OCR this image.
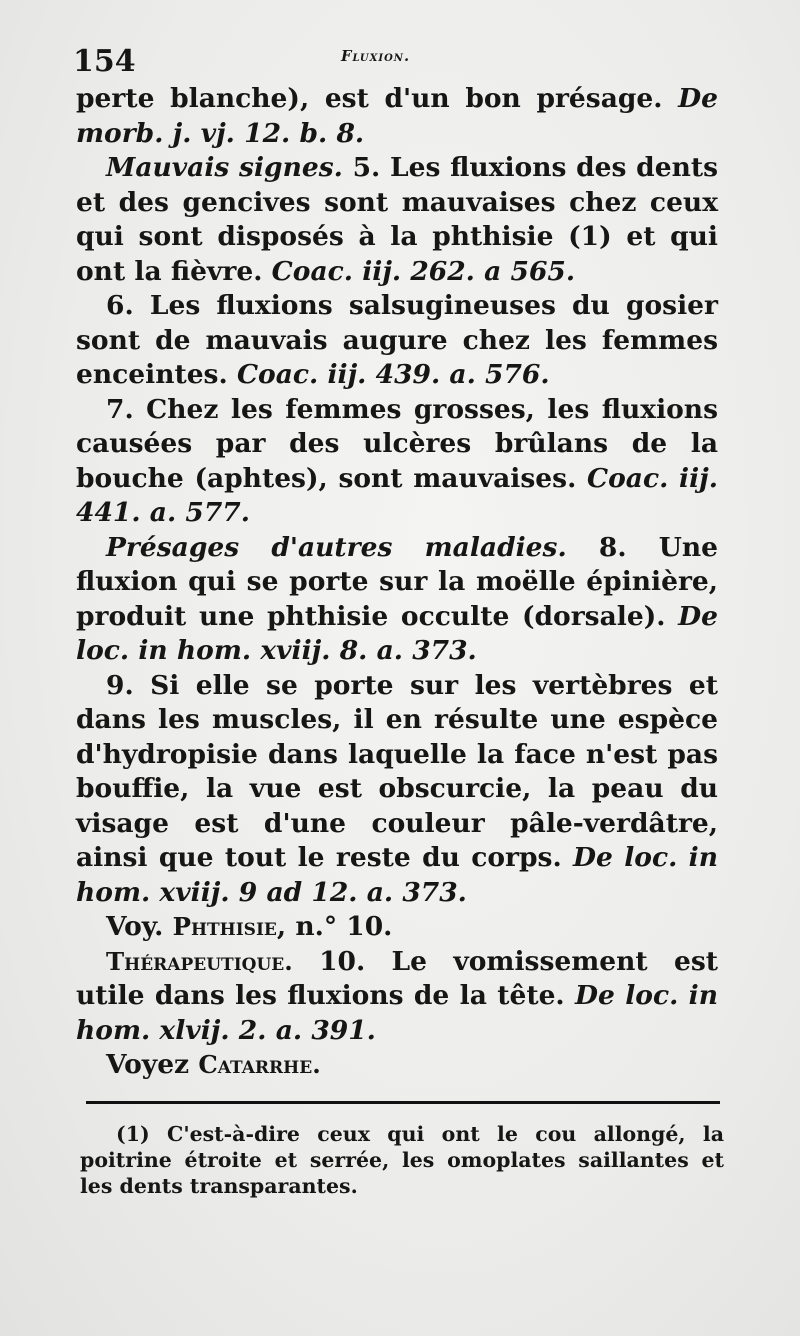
154	Fluxion.

perte blanche), est d'un bon présage. De morb. j. vj. 12. b. 8.

Mauvais signes. 5. Les fluxions des dents et des gencives sont mauvaises chez ceux qui sont disposés à la phthisie (1) et qui ont la fièvre. Coac. iij. 262. a 565.

6. Les fluxions salsugineuses du gosier sont de mauvais augure chez les femmes enceintes. Coac. iij. 439. a. 576.

7. Chez les femmes grosses, les fluxions causées par des ulcères brûlans de la bouche (aphtes), sont mauvaises. Coac. iij. 441. a. 577.

Présages d'autres maladies. 8. Une fluxion qui se porte sur la moëlle épinière, produit une phthisie occulte (dorsale). De loc. in hom. xviij. 8. a. 373.

9. Si elle se porte sur les vertèbres et dans les muscles, il en résulte une espèce d'hydropisie dans laquelle la face n'est pas bouffie, la vue est obscurcie, la peau du visage est d'une couleur pâle-verdâtre, ainsi que tout le reste du corps. De loc. in hom. xviij. 9 ad 12. a. 373.

Voy. Phthisie, n.° 10.

Thérapeutique. 10. Le vomissement est utile dans les fluxions de la tête. De loc. in hom. xlvij. 2. a. 391.

Voyez Catarrhe.

(1) C'est-à-dire ceux qui ont le cou allongé, la poitrine étroite et serrée, les omoplates saillantes et les dents transparantes.
